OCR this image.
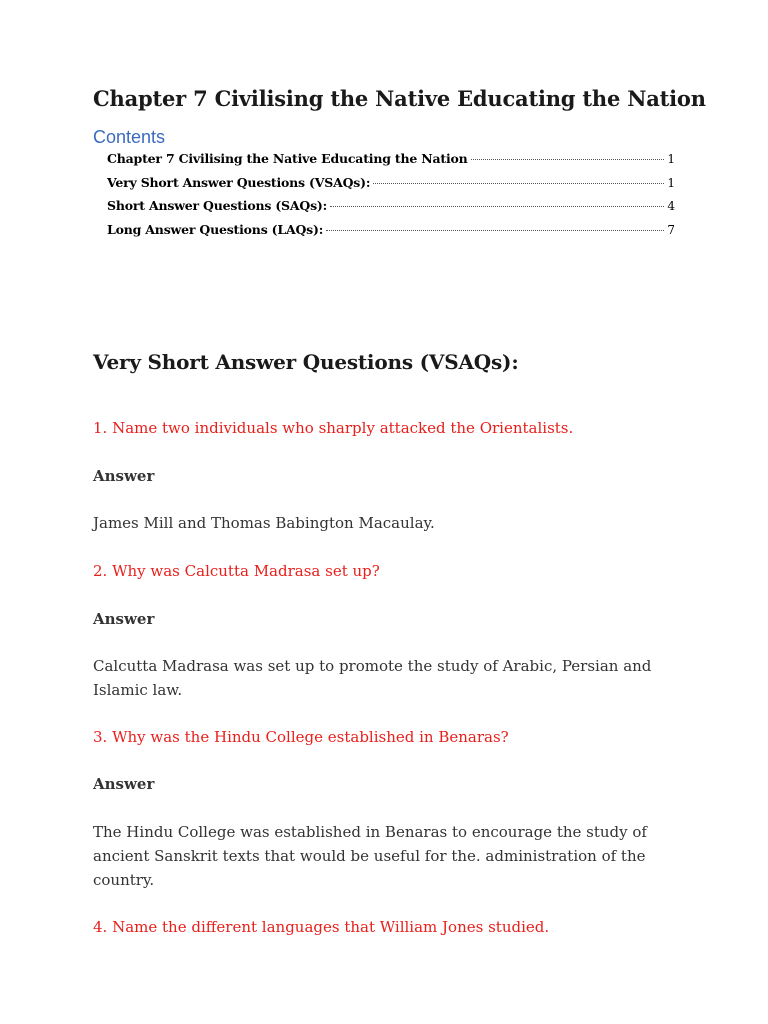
Chapter 7 Civilising the Native Educating the Nation
Contents
Chapter 7 Civilising the Native Educating the Nation	1
Very Short Answer Questions (VSAQs):	1
Short Answer Questions (SAQs):	4
Long Answer Questions (LAQs):	7
Very Short Answer Questions (VSAQs):

1. Name two individuals who sharply attacked the Orientalists.

Answer

James Mill and Thomas Babington Macaulay.

2. Why was Calcutta Madrasa set up?

Answer

Calcutta Madrasa was set up to promote the study of Arabic, Persian and Islamic law.

3. Why was the Hindu College established in Benaras?

Answer

The Hindu College was established in Benaras to encourage the study of ancient Sanskrit texts that would be useful for the. administration of the country.

4. Name the different languages that William Jones studied.
